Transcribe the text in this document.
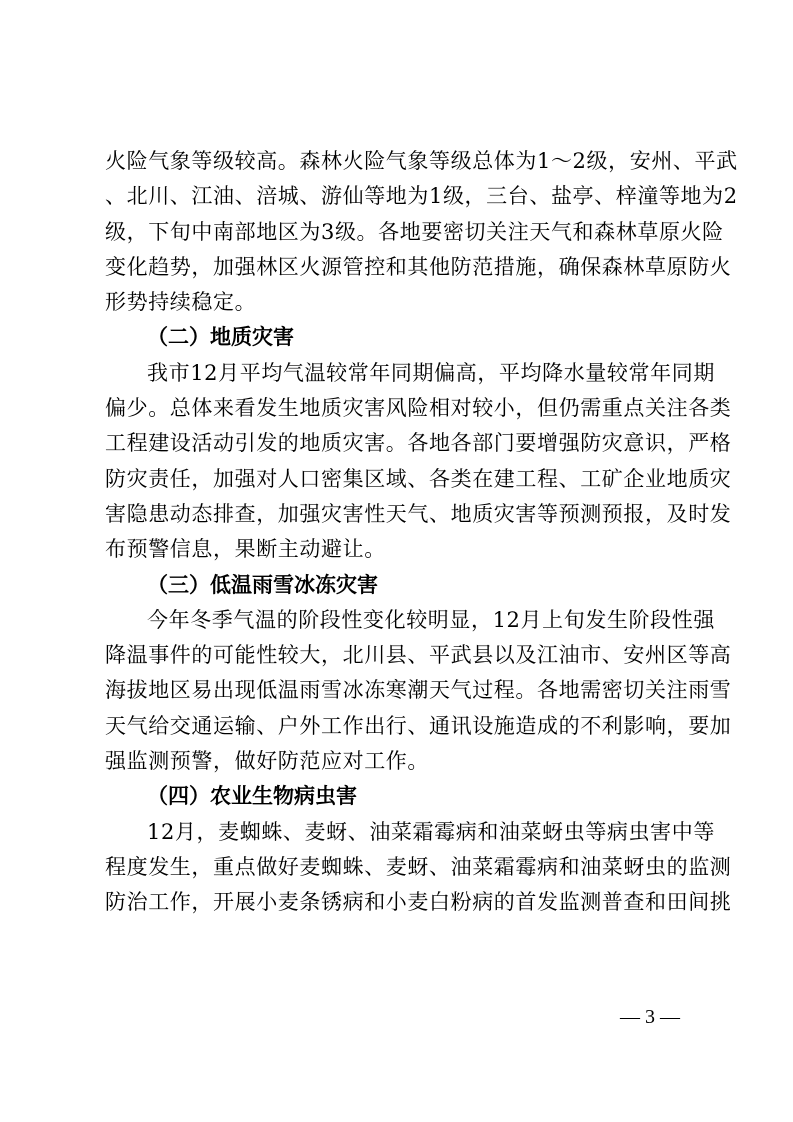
火险气象等级较高。森林火险气象等级总体为1～2级，安州、平武
、北川、江油、涪城、游仙等地为1级，三台、盐亭、梓潼等地为2
级，下旬中南部地区为3级。各地要密切关注天气和森林草原火险
变化趋势，加强林区火源管控和其他防范措施，确保森林草原防火
形势持续稳定。
（二）地质灾害
我市12月平均气温较常年同期偏高，平均降水量较常年同期
偏少。总体来看发生地质灾害风险相对较小，但仍需重点关注各类
工程建设活动引发的地质灾害。各地各部门要增强防灾意识，严格
防灾责任，加强对人口密集区域、各类在建工程、工矿企业地质灾
害隐患动态排查，加强灾害性天气、地质灾害等预测预报，及时发
布预警信息，果断主动避让。
（三）低温雨雪冰冻灾害
今年冬季气温的阶段性变化较明显，12月上旬发生阶段性强
降温事件的可能性较大，北川县、平武县以及江油市、安州区等高
海拔地区易出现低温雨雪冰冻寒潮天气过程。各地需密切关注雨雪
天气给交通运输、户外工作出行、通讯设施造成的不利影响，要加
强监测预警，做好防范应对工作。
（四）农业生物病虫害
12月，麦蜘蛛、麦蚜、油菜霜霉病和油菜蚜虫等病虫害中等
程度发生，重点做好麦蜘蛛、麦蚜、油菜霜霉病和油菜蚜虫的监测
防治工作，开展小麦条锈病和小麦白粉病的首发监测普查和田间挑
— 3 —
